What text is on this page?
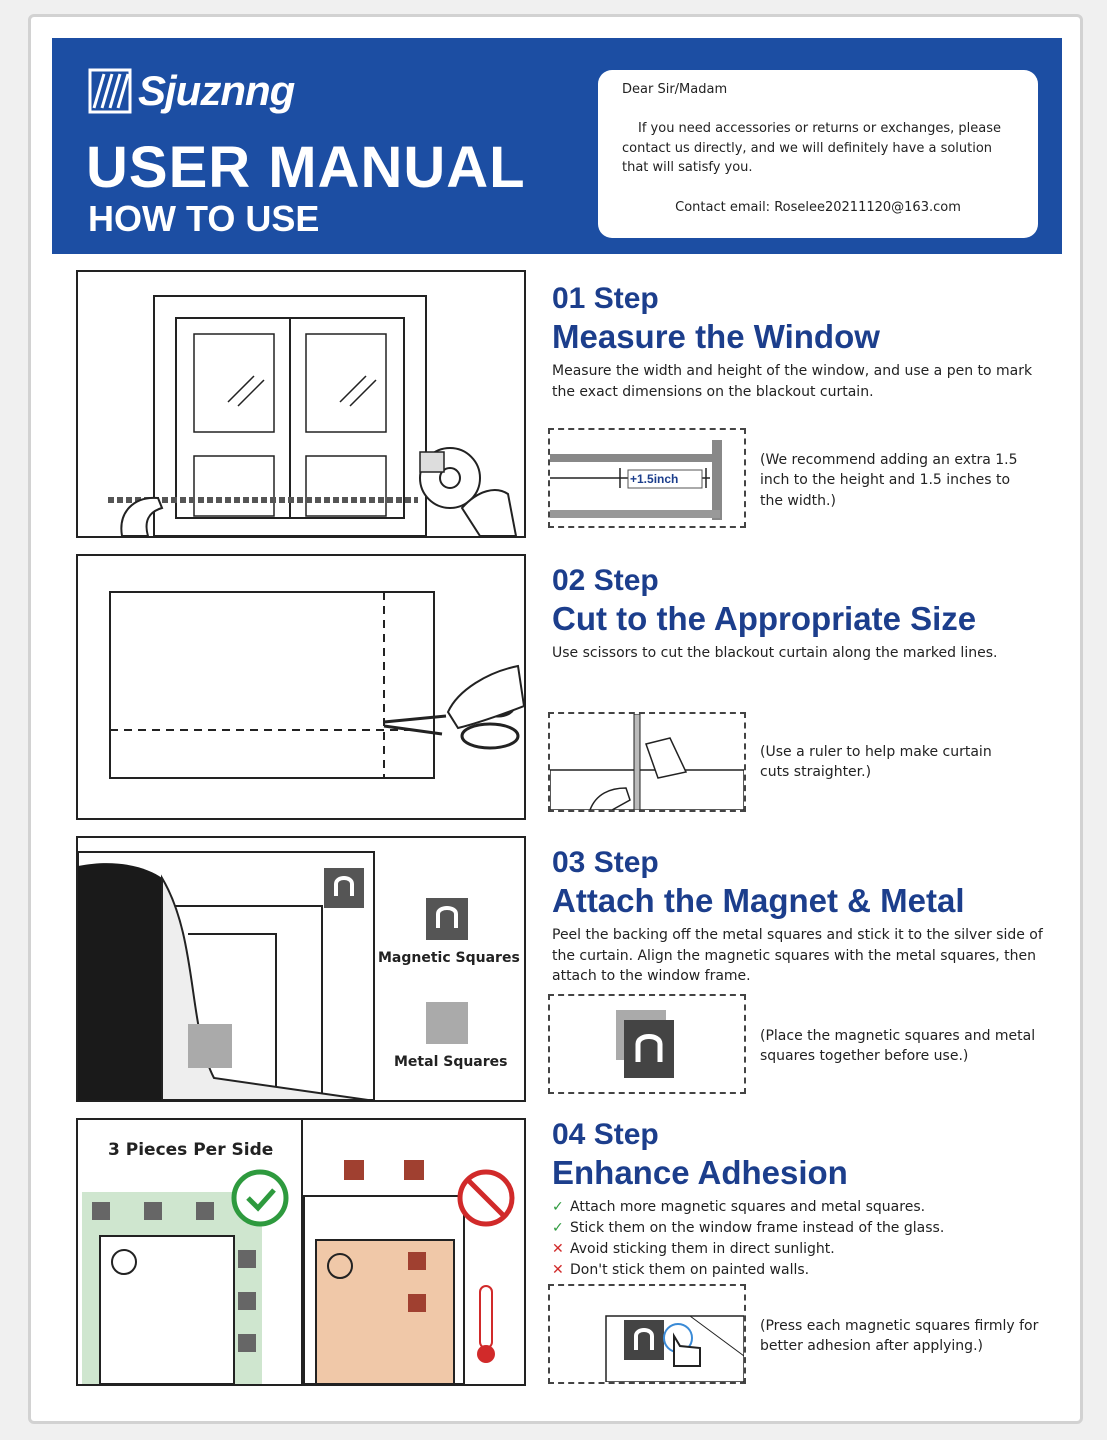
Sjuznng
USER MANUAL
HOW TO USE
Dear Sir/Madam
If you need accessories or returns or exchanges, please contact us directly, and we will definitely have a solution that will satisfy you.
Contact email: Roselee20211120@163.com
01 Step
Measure the Window
Measure the width and height of the window, and use a pen to mark the exact dimensions on the blackout curtain.
+1.5inch
(We recommend adding an extra 1.5 inch to the height and 1.5 inches to the width.)
02 Step
Cut to the Appropriate Size
Use scissors to cut the blackout curtain along the marked lines.
(Use a ruler to help make curtain cuts straighter.)
Magnetic Squares
Metal Squares
03 Step
Attach the Magnet & Metal
Peel the backing off the metal squares and stick it to the silver side of the curtain. Align the magnetic squares with the metal squares, then attach to the window frame.
(Place the magnetic squares and metal squares together before use.)
3 Pieces Per Side	04 Step
Enhance Adhesion
✓ Attach more magnetic squares and metal squares.
✓ Stick them on the window frame instead of the glass.
✕ Avoid sticking them in direct sunlight.
✕ Don't stick them on painted walls.
(Press each magnetic squares firmly for better adhesion after applying.)
